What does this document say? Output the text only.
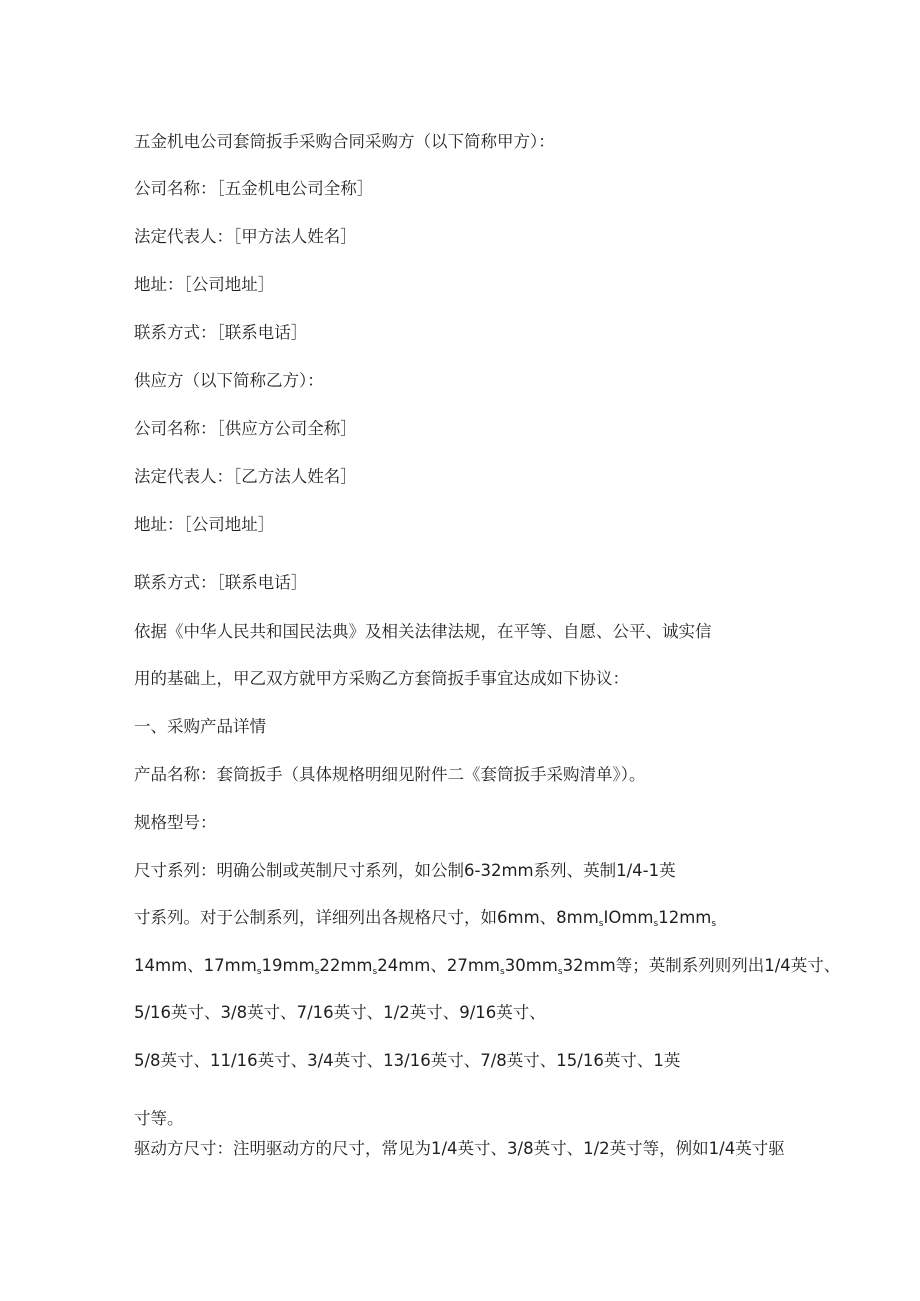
五金机电公司套筒扳手采购合同采购方（以下简称甲方）：
公司名称：［五金机电公司全称］
法定代表人：［甲方法人姓名］
地址：［公司地址］
联系方式：［联系电话］
供应方（以下简称乙方）：
公司名称：［供应方公司全称］
法定代表人：［乙方法人姓名］
地址：［公司地址］
联系方式：［联系电话］
依据《中华人民共和国民法典》及相关法律法规，在平等、自愿、公平、诚实信
用的基础上，甲乙双方就甲方采购乙方套筒扳手事宜达成如下协议：
一、采购产品详情
产品名称：套筒扳手（具体规格明细见附件二《套筒扳手采购清单》）。
规格型号：
尺寸系列：明确公制或英制尺寸系列，如公制6-32mm系列、英制1/4-1英
寸系列。对于公制系列，详细列出各规格尺寸，如6mm、$8mm_sIOmm_s12mm_s$
14mm、$17mm_s19mm_s22mm_s24mm$、$27mm_s30mm_s32mm$等；英制系列则列出1/4英寸、
5/16英寸、3/8英寸、7/16英寸、1/2英寸、9/16英寸、
5/8英寸、11/16英寸、3/4英寸、13/16英寸、7/8英寸、15/16英寸、1英
寸等。
驱动方尺寸：注明驱动方的尺寸，常见为1/4英寸、3/8英寸、1/2英寸等，例如1/4英寸驱
